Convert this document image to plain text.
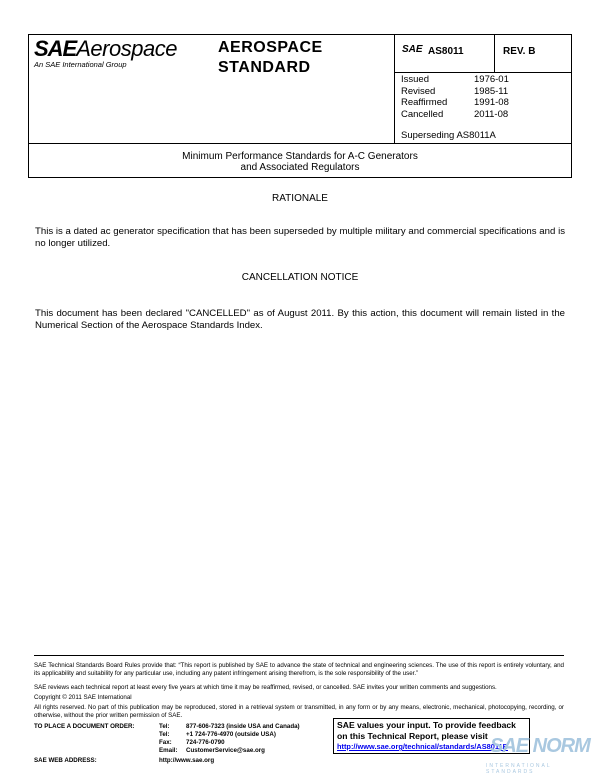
SAEAerospace
An SAE International Group
AEROSPACE
STANDARD
SAE AS8011	REV. B
Issued	1976-01
Revised	1985-11
Reaffirmed	1991-08
Cancelled	2011-08
Superseding AS8011A
Minimum Performance Standards for A-C Generators
and Associated Regulators
RATIONALE
This is a dated ac generator specification that has been superseded by multiple military and commercial specifications and is no longer utilized.
CANCELLATION NOTICE
This document has been declared "CANCELLED" as of August 2011. By this action, this document will remain listed in the Numerical Section of the Aerospace Standards Index.
SAE Technical Standards Board Rules provide that: “This report is published by SAE to advance the state of technical and engineering sciences. The use of this report is entirely voluntary, and its applicability and suitability for any particular use, including any patent infringement arising therefrom, is the sole responsibility of the user.”
SAE reviews each technical report at least every five years at which time it may be reaffirmed, revised, or cancelled. SAE invites your written comments and suggestions.
Copyright © 2011 SAE International
All rights reserved. No part of this publication may be reproduced, stored in a retrieval system or transmitted, in any form or by any means, electronic, mechanical, photocopying, recording, or otherwise, without the prior written permission of SAE.
TO PLACE A DOCUMENT ORDER:	Tel:	877-606-7323 (inside USA and Canada)
Tel:	+1 724-776-4970 (outside USA)
Fax: 724-776-0790
Email: CustomerService@sae.org
SAE WEB ADDRESS:	http://www.sae.org
SAE values your input. To provide feedback
on this Technical Report, please visit
http://www.sae.org/technical/standards/AS8011B
SAE NORM
INTERNATIONAL STANDARDS
